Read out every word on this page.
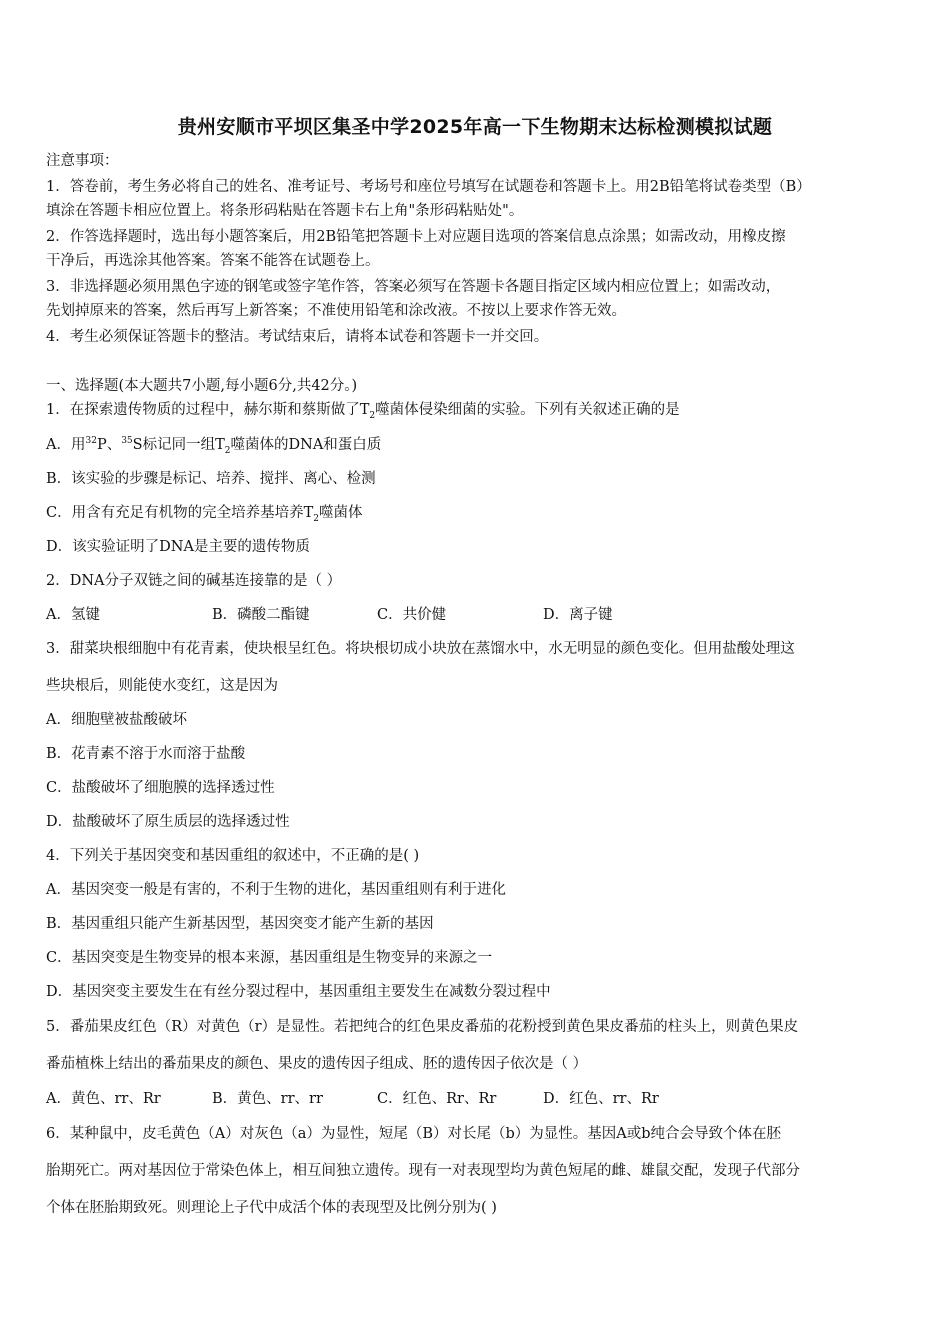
贵州安顺市平坝区集圣中学2025年高一下生物期末达标检测模拟试题
注意事项：
1．答卷前，考生务必将自己的姓名、准考证号、考场号和座位号填写在试题卷和答题卡上。用2B铅笔将试卷类型（B）
填涂在答题卡相应位置上。将条形码粘贴在答题卡右上角"条形码粘贴处"。
2．作答选择题时，选出每小题答案后，用2B铅笔把答题卡上对应题目选项的答案信息点涂黑；如需改动，用橡皮擦
干净后，再选涂其他答案。答案不能答在试题卷上。
3．非选择题必须用黑色字迹的钢笔或签字笔作答，答案必须写在答题卡各题目指定区域内相应位置上；如需改动，
先划掉原来的答案，然后再写上新答案；不准使用铅笔和涂改液。不按以上要求作答无效。
4．考生必须保证答题卡的整洁。考试结束后，请将本试卷和答题卡一并交回。
一、选择题(本大题共7小题,每小题6分,共42分。)
1．在探索遗传物质的过程中，赫尔斯和蔡斯做了$T_2$噬菌体侵染细菌的实验。下列有关叙述正确的是
A．用$^{32}$P、$^{35}$S标记同一组$T_2$噬菌体的DNA和蛋白质
B．该实验的步骤是标记、培养、搅拌、离心、检测
C．用含有充足有机物的完全培养基培养$T_2$噬菌体
D．该实验证明了DNA是主要的遗传物质
2．DNA分子双链之间的碱基连接靠的是（ ）
A．氢键	B．磷酸二酯键	C．共价健	D．离子键
3．甜菜块根细胞中有花青素，使块根呈红色。将块根切成小块放在蒸馏水中，水无明显的颜色变化。但用盐酸处理这
些块根后，则能使水变红，这是因为
A．细胞壁被盐酸破坏
B．花青素不溶于水而溶于盐酸
C．盐酸破坏了细胞膜的选择透过性
D．盐酸破坏了原生质层的选择透过性
4．下列关于基因突变和基因重组的叙述中，不正确的是( )
A．基因突变一般是有害的，不利于生物的进化，基因重组则有利于进化
B．基因重组只能产生新基因型，基因突变才能产生新的基因
C．基因突变是生物变异的根本来源，基因重组是生物变异的来源之一
D．基因突变主要发生在有丝分裂过程中，基因重组主要发生在减数分裂过程中
5．番茄果皮红色（R）对黄色（r）是显性。若把纯合的红色果皮番茄的花粉授到黄色果皮番茄的柱头上，则黄色果皮
番茄植株上结出的番茄果皮的颜色、果皮的遗传因子组成、胚的遗传因子依次是（ ）
A．黄色、rr、Rr	B．黄色、rr、rr	C．红色、Rr、Rr	D．红色、rr、Rr
6．某种鼠中，皮毛黄色（A）对灰色（a）为显性，短尾（B）对长尾（b）为显性。基因A或b纯合会导致个体在胚
胎期死亡。两对基因位于常染色体上，相互间独立遗传。现有一对表现型均为黄色短尾的雌、雄鼠交配，发现子代部分
个体在胚胎期致死。则理论上子代中成活个体的表现型及比例分别为( )
